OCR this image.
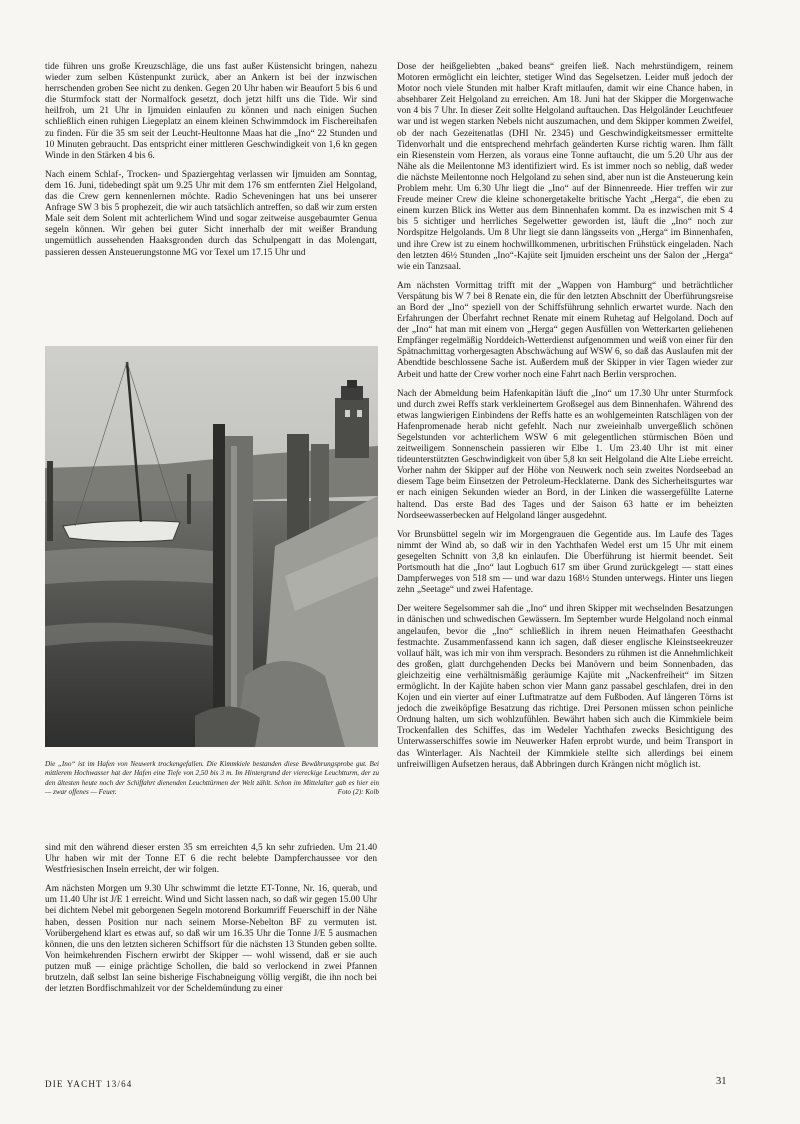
tide führen uns große Kreuzschläge, die uns fast außer Küstensicht bringen, nahezu wieder zum selben Küstenpunkt zurück, aber an Ankern ist bei der inzwischen herrschenden groben See nicht zu denken. Gegen 20 Uhr haben wir Beaufort 5 bis 6 und die Sturmfock statt der Normalfock gesetzt, doch jetzt hilft uns die Tide. Wir sind heilfroh, um 21 Uhr in Ijmuiden einlaufen zu können und nach einigen Suchen schließlich einen ruhigen Liegeplatz an einem kleinen Schwimmdock im Fischereihafen zu finden. Für die 35 sm seit der Leucht-Heultonne Maas hat die „Ino“ 22 Stunden und 10 Minuten gebraucht. Das entspricht einer mittleren Geschwindigkeit von 1,6 kn gegen Winde in den Stärken 4 bis 6.

Nach einem Schlaf-, Trocken- und Spaziergehtag verlassen wir Ijmuiden am Sonntag, dem 16. Juni, tidebedingt spät um 9.25 Uhr mit dem 176 sm entfernten Ziel Helgoland, das die Crew gern kennenlernen möchte. Radio Scheveningen hat uns bei unserer Anfrage SW 3 bis 5 prophezeit, die wir auch tatsächlich antreffen, so daß wir zum ersten Male seit dem Solent mit achterlichem Wind und sogar zeitweise ausgebaumter Genua segeln können. Wir gehen bei guter Sicht innerhalb der mit weißer Brandung ungemütlich aussehenden Haaksgronden durch das Schulpengatt in das Molengatt, passieren dessen Ansteuerungstonne MG vor Texel um 17.15 Uhr und

Die „Ino“ ist im Hafen von Neuwerk trockengefallen. Die Kimmkiele bestanden diese Bewährungsprobe gut. Bei mittlerem Hochwasser hat der Hafen eine Tiefe von 2,50 bis 3 m. Im Hintergrund der viereckige Leuchtturm, der zu den ältesten heute noch der Schiffahrt dienenden Leuchttürmen der Welt zählt. Schon im Mittelalter gab es hier ein — zwar offenes — Feuer.	Foto (2): Kolb

sind mit den während dieser ersten 35 sm erreichten 4,5 kn sehr zufrieden. Um 21.40 Uhr haben wir mit der Tonne ET 6 die recht belebte Dampferchaussee vor den Westfriesischen Inseln erreicht, der wir folgen.

Am nächsten Morgen um 9.30 Uhr schwimmt die letzte ET-Tonne, Nr. 16, querab, und um 11.40 Uhr ist J/E 1 erreicht. Wind und Sicht lassen nach, so daß wir gegen 15.00 Uhr bei dichtem Nebel mit geborgenen Segeln motorend Borkumriff Feuerschiff in der Nähe haben, dessen Position nur nach seinem Morse-Nebelton BF zu vermuten ist. Vorübergehend klart es etwas auf, so daß wir um 16.35 Uhr die Tonne J/E 5 ausmachen können, die uns den letzten sicheren Schiffsort für die nächsten 13 Stunden geben sollte. Von heimkehrenden Fischern erwirbt der Skipper — wohl wissend, daß er sie auch putzen muß — einige prächtige Schollen, die bald so verlockend in zwei Pfannen brutzeln, daß selbst Ian seine bisherige Fischabneigung völlig vergißt, die ihn noch bei der letzten Bordfischmahlzeit vor der Scheldemündung zu einer

Dose der heißgeliebten „baked beans“ greifen ließ. Nach mehrstündigem, reinem Motoren ermöglicht ein leichter, stetiger Wind das Segelsetzen. Leider muß jedoch der Motor noch viele Stunden mit halber Kraft mitlaufen, damit wir eine Chance haben, in absehbarer Zeit Helgoland zu erreichen. Am 18. Juni hat der Skipper die Morgenwache von 4 bis 7 Uhr. In dieser Zeit sollte Helgoland auftauchen. Das Helgoländer Leuchtfeuer war und ist wegen starken Nebels nicht auszumachen, und dem Skipper kommen Zweifel, ob der nach Gezeitenatlas (DHI Nr. 2345) und Geschwindigkeitsmesser ermittelte Tidenvorhalt und die entsprechend mehrfach geänderten Kurse richtig waren. Ihm fällt ein Riesenstein vom Herzen, als voraus eine Tonne auftaucht, die um 5.20 Uhr aus der Nähe als die Meilentonne M3 identifiziert wird. Es ist immer noch so neblig, daß weder die nächste Meilentonne noch Helgoland zu sehen sind, aber nun ist die Ansteuerung kein Problem mehr. Um 6.30 Uhr liegt die „Ino“ auf der Binnenreede. Hier treffen wir zur Freude meiner Crew die kleine schonergetakelte britische Yacht „Herga“, die eben zu einem kurzen Blick ins Wetter aus dem Binnenhafen kommt. Da es inzwischen mit S 4 bis 5 sichtiger und herrliches Segelwetter geworden ist, läuft die „Ino“ noch zur Nordspitze Helgolands. Um 8 Uhr liegt sie dann längsseits von „Herga“ im Binnenhafen, und ihre Crew ist zu einem hochwillkommenen, urbritischen Frühstück eingeladen. Nach den letzten 46½ Stunden „Ino“-Kajüte seit Ijmuiden erscheint uns der Salon der „Herga“ wie ein Tanzsaal.

Am nächsten Vormittag trifft mit der „Wappen von Hamburg“ und beträchtlicher Verspätung bis W 7 bei 8 Renate ein, die für den letzten Abschnitt der Überführungsreise an Bord der „Ino“ speziell von der Schiffsführung sehnlich erwartet wurde. Nach den Erfahrungen der Überfahrt rechnet Renate mit einem Ruhetag auf Helgoland. Doch auf der „Ino“ hat man mit einem von „Herga“ gegen Ausfüllen von Wetterkarten geliehenen Empfänger regelmäßig Norddeich-Wetterdienst aufgenommen und weiß von einer für den Spätnachmittag vorhergesagten Abschwächung auf WSW 6, so daß das Auslaufen mit der Abendtide beschlossene Sache ist. Außerdem muß der Skipper in vier Tagen wieder zur Arbeit und hatte der Crew vorher noch eine Fahrt nach Berlin versprochen.

Nach der Abmeldung beim Hafenkapitän läuft die „Ino“ um 17.30 Uhr unter Sturmfock und durch zwei Reffs stark verkleinertem Großsegel aus dem Binnenhafen. Während des etwas langwierigen Einbindens der Reffs hatte es an wohlgemeinten Ratschlägen von der Hafenpromenade herab nicht gefehlt. Nach nur zweieinhalb unvergeßlich schönen Segelstunden vor achterlichem WSW 6 mit gelegentlichen stürmischen Böen und zeitweiligem Sonnenschein passieren wir Elbe 1. Um 23.40 Uhr ist mit einer tideunterstützten Geschwindigkeit von über 5,8 kn seit Helgoland die Alte Liebe erreicht. Vorher nahm der Skipper auf der Höhe von Neuwerk noch sein zweites Nordseebad an diesem Tage beim Einsetzen der Petroleum-Hecklaterne. Dank des Sicherheitsgurtes war er nach einigen Sekunden wieder an Bord, in der Linken die wassergefüllte Laterne haltend. Das erste Bad des Tages und der Saison 63 hatte er im beheizten Nordseewasserbecken auf Helgoland länger ausgedehnt.

Vor Brunsbüttel segeln wir im Morgengrauen die Gegentide aus. Im Laufe des Tages nimmt der Wind ab, so daß wir in den Yachthafen Wedel erst um 15 Uhr mit einem gesegelten Schnitt von 3,8 kn einlaufen. Die Überführung ist hiermit beendet. Seit Portsmouth hat die „Ino“ laut Logbuch 617 sm über Grund zurückgelegt — statt eines Dampferweges von 518 sm — und war dazu 168½ Stunden unterwegs. Hinter uns liegen zehn „Seetage“ und zwei Hafentage.

Der weitere Segelsommer sah die „Ino“ und ihren Skipper mit wechselnden Besatzungen in dänischen und schwedischen Gewässern. Im September wurde Helgoland noch einmal angelaufen, bevor die „Ino“ schließlich in ihrem neuen Heimathafen Geesthacht festmachte. Zusammenfassend kann ich sagen, daß dieser englische Kleinstseekreuzer vollauf hält, was ich mir von ihm versprach. Besonders zu rühmen ist die Annehmlichkeit des großen, glatt durchgehenden Decks bei Manövern und beim Sonnenbaden, das gleichzeitig eine verhältnismäßig geräumige Kajüte mit „Nackenfreiheit“ im Sitzen ermöglicht. In der Kajüte haben schon vier Mann ganz passabel geschlafen, drei in den Kojen und ein vierter auf einer Luftmatratze auf dem Fußboden. Auf längeren Törns ist jedoch die zweiköpfige Besatzung das richtige. Drei Personen müssen schon peinliche Ordnung halten, um sich wohlzufühlen. Bewährt haben sich auch die Kimmkiele beim Trockenfallen des Schiffes, das im Wedeler Yachthafen zwecks Besichtigung des Unterwasserschiffes sowie im Neuwerker Hafen erprobt wurde, und beim Transport in das Winterlager. Als Nachteil der Kimmkiele stellte sich allerdings bei einem unfreiwilligen Aufsetzen heraus, daß Abbringen durch Krängen nicht möglich ist.

DIE YACHT 13/64	31
